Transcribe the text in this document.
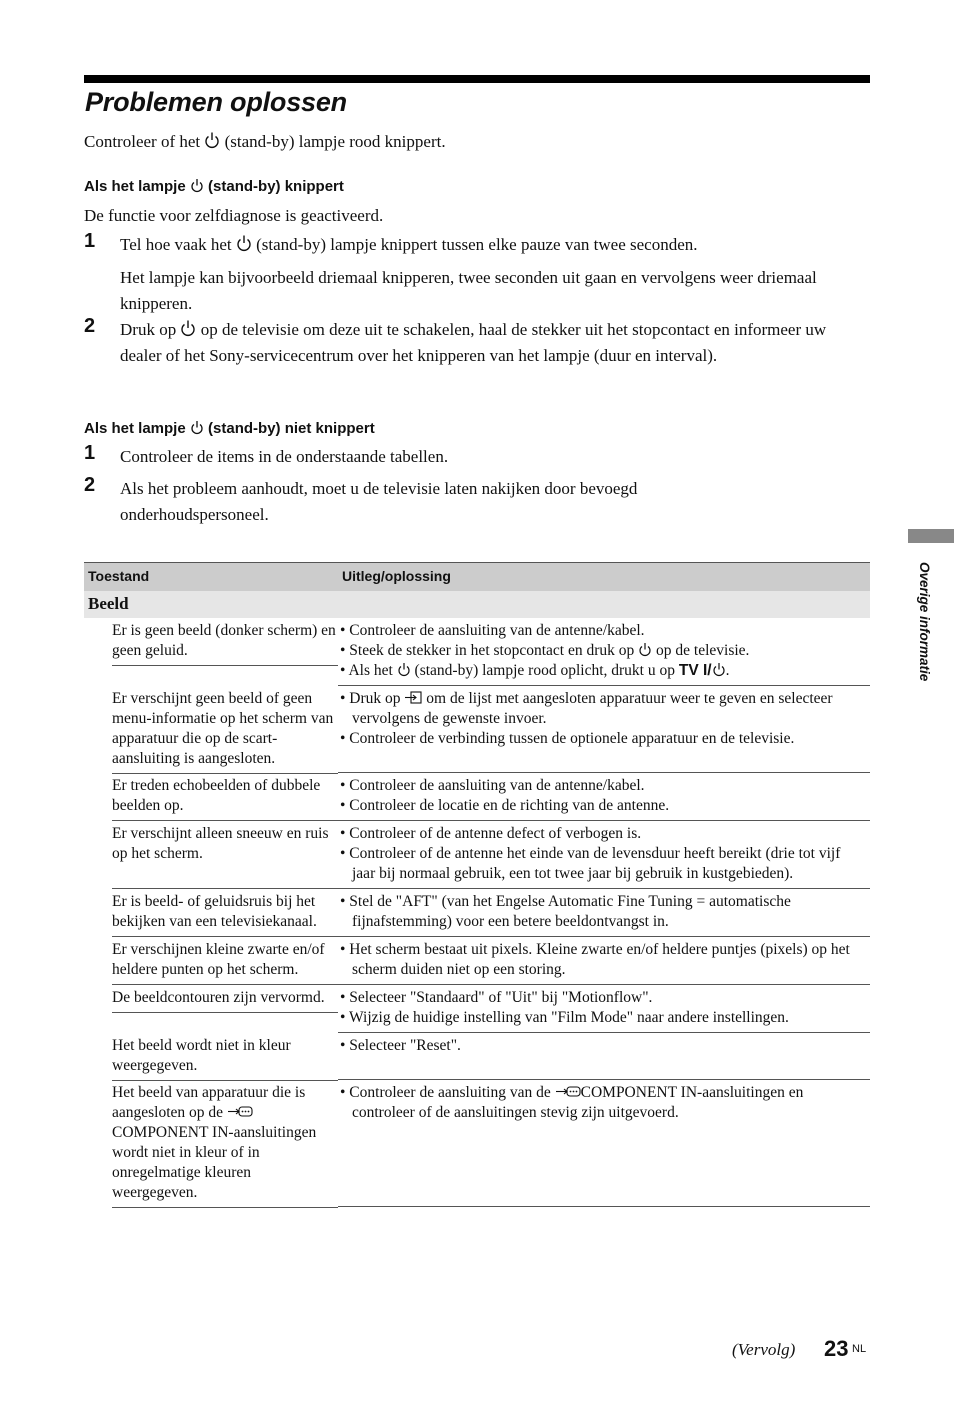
Problemen oplossen
Controleer of het  (stand-by) lampje rood knippert.
Als het lampje  (stand-by) knippert
De functie voor zelfdiagnose is geactiveerd.
1 Tel hoe vaak het  (stand-by) lampje knippert tussen elke pauze van twee seconden.
Het lampje kan bijvoorbeeld driemaal knipperen, twee seconden uit gaan en vervolgens weer driemaal knipperen.
2 Druk op  op de televisie om deze uit te schakelen, haal de stekker uit het stopcontact en informeer uw dealer of het Sony-servicecentrum over het knipperen van het lampje (duur en interval).
Als het lampje  (stand-by) niet knippert
1 Controleer de items in de onderstaande tabellen.
2 Als het probleem aanhoudt, moet u de televisie laten nakijken door bevoegd onderhoudspersoneel.
Overige informatie
Toestand	Uitleg/oplossing
Beeld	

Er is geen beeld (donker scherm) en geen geluid.	• Controleer de aansluiting van de antenne/kabel.
• Steek de stekker in het stopcontact en druk op  op de televisie.
• Als het  (stand-by) lampje rood oplicht, drukt u op TV I/ .

Er verschijnt geen beeld of geen menu-informatie op het scherm van apparatuur die op de scart-aansluiting is aangesloten.	• Druk op  om de lijst met aangesloten apparatuur weer te geven en selecteer vervolgens de gewenste invoer.
• Controleer de verbinding tussen de optionele apparatuur en de televisie.

Er treden echobeelden of dubbele beelden op.	• Controleer de aansluiting van de antenne/kabel.
• Controleer de locatie en de richting van de antenne.

Er verschijnt alleen sneeuw en ruis op het scherm.	• Controleer of de antenne defect of verbogen is.
• Controleer of de antenne het einde van de levensduur heeft bereikt (drie tot vijf jaar bij normaal gebruik, een tot twee jaar bij gebruik in kustgebieden).

Er is beeld- of geluidsruis bij het bekijken van een televisiekanaal.	• Stel de "AFT" (van het Engelse Automatic Fine Tuning = automatische fijnafstemming) voor een betere beeldontvangst in.

Er verschijnen kleine zwarte en/of heldere punten op het scherm.	• Het scherm bestaat uit pixels. Kleine zwarte en/of heldere puntjes (pixels) op het scherm duiden niet op een storing.

De beeldcontouren zijn vervormd.	• Selecteer "Standaard" of "Uit" bij "Motionflow".
• Wijzig de huidige instelling van "Film Mode" naar andere instellingen.

Het beeld wordt niet in kleur weergegeven.	• Selecteer "Reset".

Het beeld van apparatuur die is aangesloten op de COMPONENT IN-aansluitingen wordt niet in kleur of in onregelmatige kleuren weergegeven.	• Controleer de aansluiting van de COMPONENT IN-aansluitingen en controleer of de aansluitingen stevig zijn uitgevoerd.
(Vervolg) 23 NL
